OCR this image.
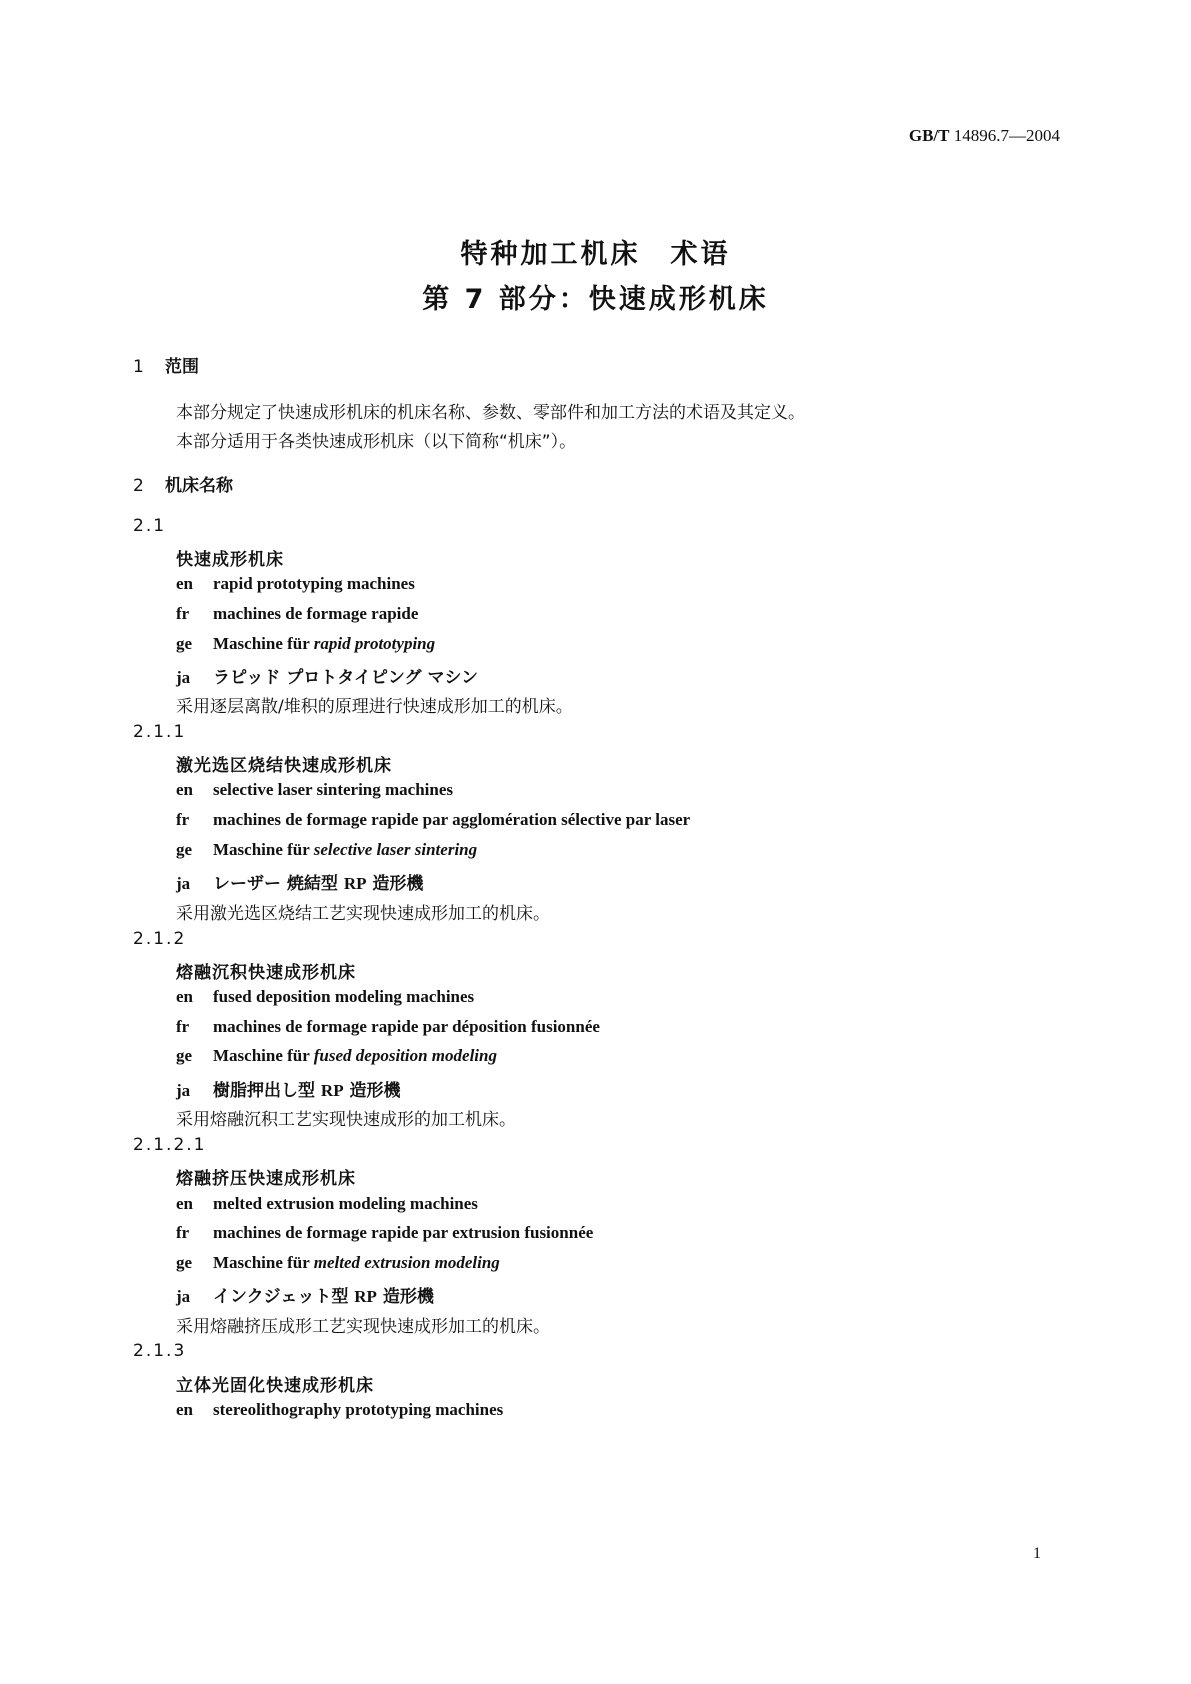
GB/T 14896.7—2004
特种加工机床　术语
第 7 部分：快速成形机床
1 范围
本部分规定了快速成形机床的机床名称、参数、零部件和加工方法的术语及其定义。
本部分适用于各类快速成形机床（以下简称“机床”）。
2 机床名称
2.1
快速成形机床
en rapid prototyping machines
fr machines de formage rapide
ge Maschine für rapid prototyping
ja ラピッド プロトタイピング マシン
采用逐层离散/堆积的原理进行快速成形加工的机床。
2.1.1
激光选区烧结快速成形机床
en selective laser sintering machines
fr machines de formage rapide par agglomération sélective par laser
ge Maschine für selective laser sintering
ja レーザー 焼結型 RP 造形機
采用激光选区烧结工艺实现快速成形加工的机床。
2.1.2
熔融沉积快速成形机床
en fused deposition modeling machines
fr machines de formage rapide par déposition fusionnée
ge Maschine für fused deposition modeling
ja 樹脂押出し型 RP 造形機
采用熔融沉积工艺实现快速成形的加工机床。
2.1.2.1
熔融挤压快速成形机床
en melted extrusion modeling machines
fr machines de formage rapide par extrusion fusionnée
ge Maschine für melted extrusion modeling
ja インクジェット型 RP 造形機
采用熔融挤压成形工艺实现快速成形加工的机床。
2.1.3
立体光固化快速成形机床
en stereolithography prototyping machines
1
